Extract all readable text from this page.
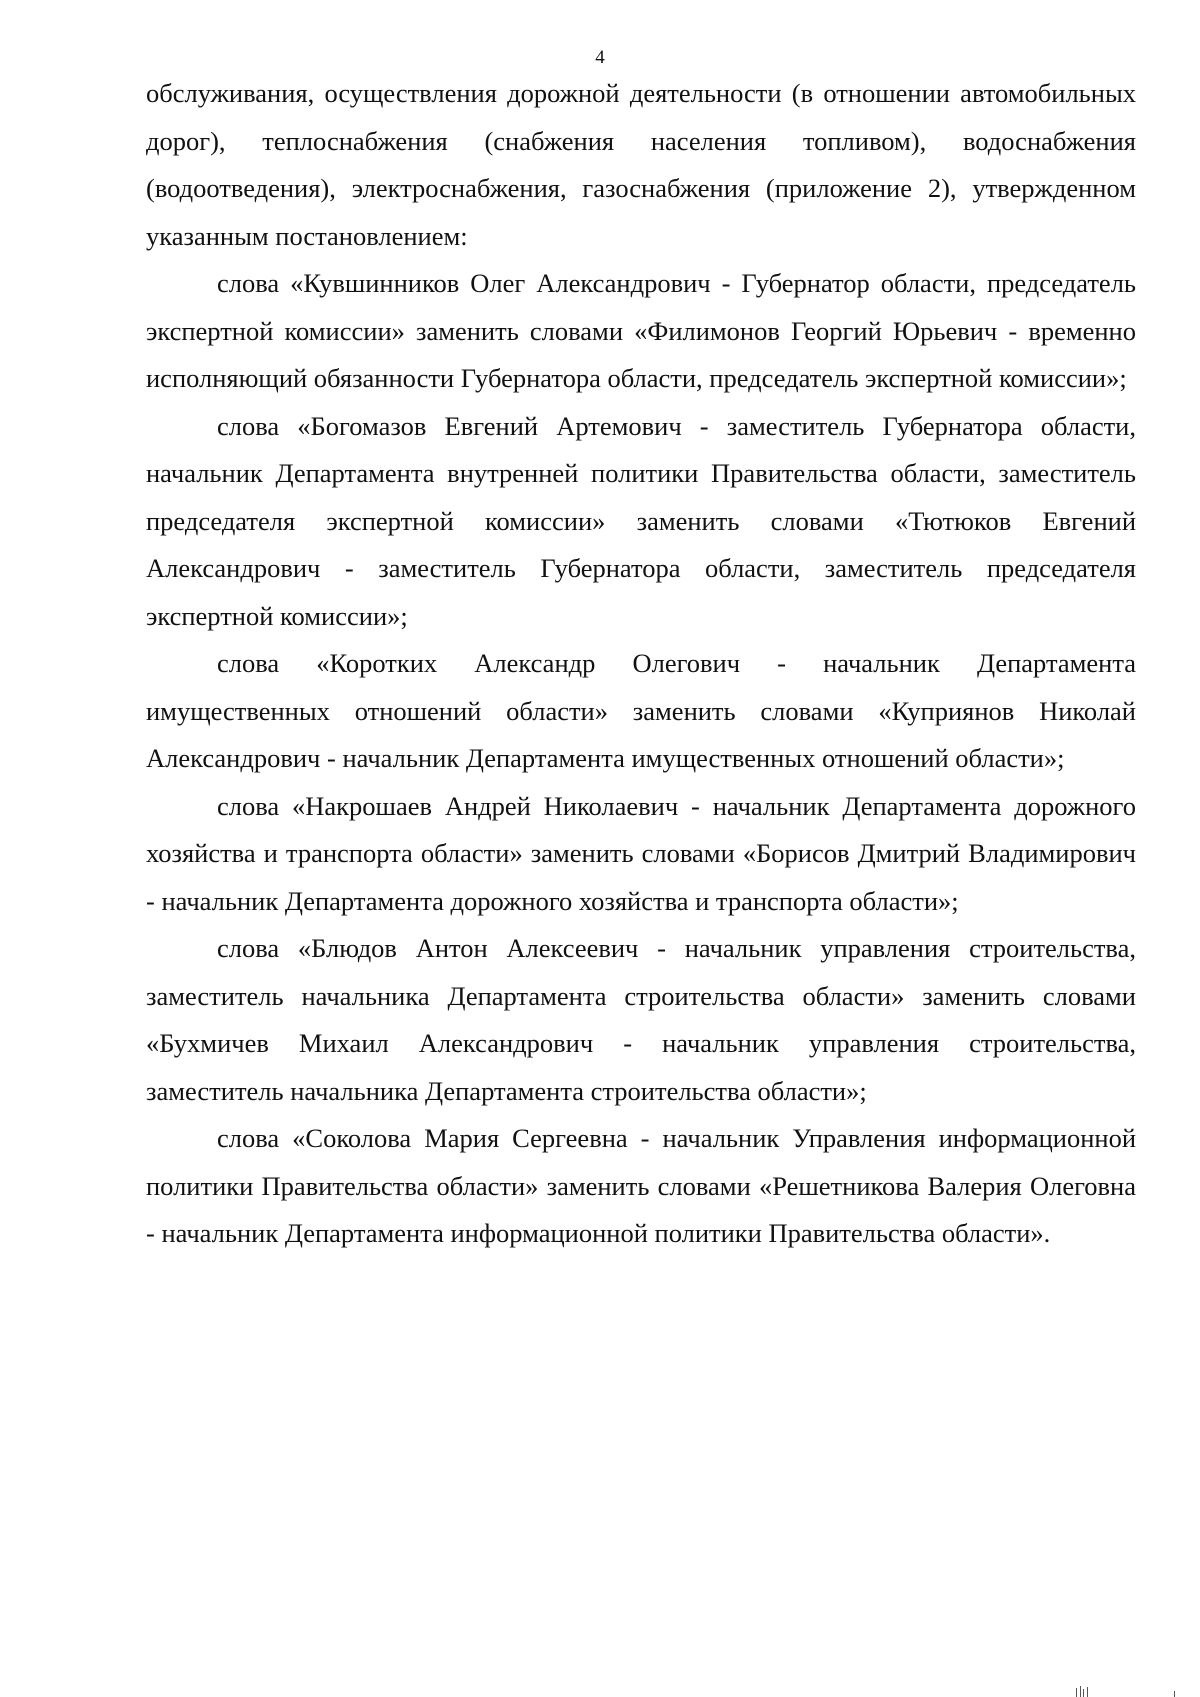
4

обслуживания, осуществления дорожной деятельности (в отношении автомобильных дорог), теплоснабжения (снабжения населения топливом), водоснабжения (водоотведения), электроснабжения, газоснабжения (приложение 2), утвержденном указанным постановлением:

слова «Кувшинников Олег Александрович - Губернатор области, председатель экспертной комиссии» заменить словами «Филимонов Георгий Юрьевич - временно исполняющий обязанности Губернатора области, председатель экспертной комиссии»;

слова «Богомазов Евгений Артемович - заместитель Губернатора области, начальник Департамента внутренней политики Правительства области, заместитель председателя экспертной комиссии» заменить словами «Тютюков Евгений Александрович - заместитель Губернатора области, заместитель председателя экспертной комиссии»;

слова «Коротких Александр Олегович - начальник Департамента имущественных отношений области» заменить словами «Куприянов Николай Александрович - начальник Департамента имущественных отношений области»;

слова «Накрошаев Андрей Николаевич - начальник Департамента дорожного хозяйства и транспорта области» заменить словами «Борисов Дмитрий Владимирович - начальник Департамента дорожного хозяйства и транспорта области»;

слова «Блюдов Антон Алексеевич - начальник управления строительства, заместитель начальника Департамента строительства области» заменить словами «Бухмичев Михаил Александрович - начальник управления строительства, заместитель начальника Департамента строительства области»;

слова «Соколова Мария Сергеевна - начальник Управления информационной политики Правительства области» заменить словами «Решетникова Валерия Олеговна - начальник Департамента информационной политики Правительства области».
